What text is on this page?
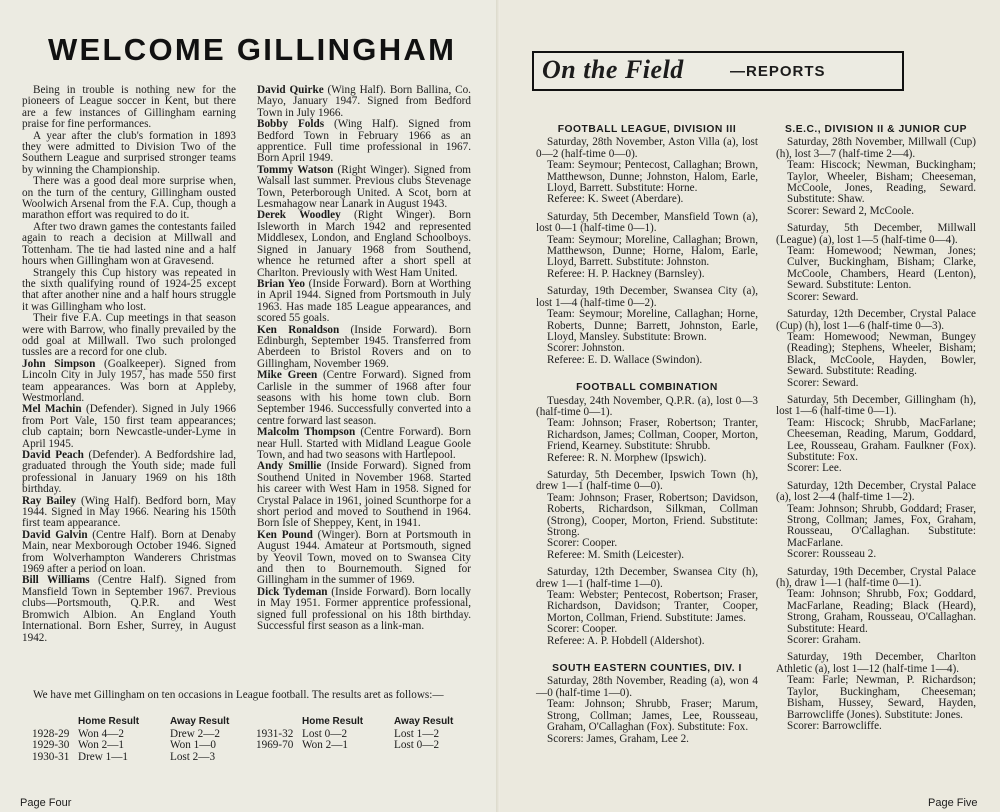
WELCOME GILLINGHAM

Being in trouble is nothing new for the pioneers of League soccer in Kent, but there are a few instances of Gillingham earning praise for fine performances.

A year after the club's formation in 1893 they were admitted to Division Two of the Southern League and surprised stronger teams by winning the Championship.

There was a good deal more surprise when, on the turn of the century, Gillingham ousted Woolwich Arsenal from the F.A. Cup, though a marathon effort was required to do it.

After two drawn games the contestants failed again to reach a decision at Millwall and Tottenham. The tie had lasted nine and a half hours when Gillingham won at Gravesend.

Strangely this Cup history was repeated in the sixth qualifying round of 1924-25 except that after another nine and a half hours struggle it was Gillingham who lost.

Their five F.A. Cup meetings in that season were with Barrow, who finally prevailed by the odd goal at Millwall. Two such prolonged tussles are a record for one club.

John Simpson (Goalkeeper). Signed from Lincoln City in July 1957, has made 550 first team appearances. Was born at Appleby, Westmorland.

Mel Machin (Defender). Signed in July 1966 from Port Vale, 150 first team appearances; club captain; born Newcastle-under-Lyme in April 1945.

David Peach (Defender). A Bedfordshire lad, graduated through the Youth side; made full professional in January 1969 on his 18th birthday.

Ray Bailey (Wing Half). Bedford born, May 1944. Signed in May 1966. Nearing his 150th first team appearance.

David Galvin (Centre Half). Born at Denaby Main, near Mexborough October 1946. Signed from Wolverhampton Wanderers Christmas 1969 after a period on loan.

Bill Williams (Centre Half). Signed from Mansfield Town in September 1967. Previous clubs—Portsmouth, Q.P.R. and West Bromwich Albion. An England Youth International. Born Esher, Surrey, in August 1942.

David Quirke (Wing Half). Born Ballina, Co. Mayo, January 1947. Signed from Bedford Town in July 1966.

Bobby Folds (Wing Half). Signed from Bedford Town in February 1966 as an apprentice. Full time professional in 1967. Born April 1949.

Tommy Watson (Right Winger). Signed from Walsall last summer. Previous clubs Stevenage Town, Peterborough United. A Scot, born at Lesmahagow near Lanark in August 1943.

Derek Woodley (Right Winger). Born Isleworth in March 1942 and represented Middlesex, London, and England Schoolboys. Signed in January 1968 from Southend, whence he returned after a short spell at Charlton. Previously with West Ham United.

Brian Yeo (Inside Forward). Born at Worthing in April 1944. Signed from Portsmouth in July 1963. Has made 185 League appearances, and scored 55 goals.

Ken Ronaldson (Inside Forward). Born Edinburgh, September 1945. Transferred from Aberdeen to Bristol Rovers and on to Gillingham, November 1969.

Mike Green (Centre Forward). Signed from Carlisle in the summer of 1968 after four seasons with his home town club. Born September 1946. Successfully converted into a centre forward last season.

Malcolm Thompson (Centre Forward). Born near Hull. Started with Midland League Goole Town, and had two seasons with Hartlepool.

Andy Smillie (Inside Forward). Signed from Southend United in November 1968. Started his career with West Ham in 1958. Signed for Crystal Palace in 1961, joined Scunthorpe for a short period and moved to Southend in 1964. Born Isle of Sheppey, Kent, in 1941.

Ken Pound (Winger). Born at Portsmouth in August 1944. Amateur at Portsmouth, signed by Yeovil Town, moved on to Swansea City and then to Bournemouth. Signed for Gillingham in the summer of 1969.

Dick Tydeman (Inside Forward). Born locally in May 1951. Former apprentice professional, signed full professional on his 18th birthday. Successful first season as a link-man.

We have met Gillingham on ten occasions in League football. The results aret as follows:—
	Home Result	Away Result
1928-29	Won 4—2	Drew 2—2
1929-30	Won 2—1	Won 1—0
1930-31	Drew 1—1	Lost 2—3
	Home Result	Away Result
1931-32	Lost 0—2	Lost 1—2
1969-70	Won 2—1	Lost 0—2
Page Four
On the Field	—REPORTS
FOOTBALL LEAGUE, DIVISION III

Saturday, 28th November, Aston Villa (a), lost 0—2 (half-time 0—0).

Team: Seymour; Pentecost, Callaghan; Brown, Matthewson, Dunne; Johnston, Halom, Earle, Lloyd, Barrett. Substitute: Horne.

Referee: K. Sweet (Aberdare).

Saturday, 5th December, Mansfield Town (a), lost 0—1 (half-time 0—1).

Team: Seymour; Moreline, Callaghan; Brown, Matthewson, Dunne; Horne, Halom, Earle, Lloyd, Barrett. Substitute: Johnston.

Referee: H. P. Hackney (Barnsley).

Saturday, 19th December, Swansea City (a), lost 1—4 (half-time 0—2).

Team: Seymour; Moreline, Callaghan; Horne, Roberts, Dunne; Barrett, Johnston, Earle, Lloyd, Mansley. Substitute: Brown.

Scorer: Johnston.

Referee: E. D. Wallace (Swindon).

FOOTBALL COMBINATION

Tuesday, 24th November, Q.P.R. (a), lost 0—3 (half-time 0—1).

Team: Johnson; Fraser, Robertson; Tranter, Richardson, James; Collman, Cooper, Morton, Friend, Kearney. Substitute: Shrubb.

Referee: R. N. Morphew (Ipswich).

Saturday, 5th December, Ipswich Town (h), drew 1—1 (half-time 0—0).

Team: Johnson; Fraser, Robertson; Davidson, Roberts, Richardson, Silkman, Collman (Strong), Cooper, Morton, Friend. Substitute: Strong.

Scorer: Cooper.

Referee: M. Smith (Leicester).

Saturday, 12th December, Swansea City (h), drew 1—1 (half-time 1—0).

Team: Webster; Pentecost, Robertson; Fraser, Richardson, Davidson; Tranter, Cooper, Morton, Collman, Friend. Substitute: James.

Scorer: Cooper.

Referee: A. P. Hobdell (Aldershot).

SOUTH EASTERN COUNTIES, DIV. I

Saturday, 28th November, Reading (a), won 4—0 (half-time 1—0).

Team: Johnson; Shrubb, Fraser; Marum, Strong, Collman; James, Lee, Rousseau, Graham, O'Callaghan (Fox). Substitute: Fox.

Scorers: James, Graham, Lee 2.

S.E.C., DIVISION II & JUNIOR CUP

Saturday, 28th November, Millwall (Cup) (h), lost 3—7 (half-time 2—4).

Team: Hiscock; Newman, Buckingham; Taylor, Wheeler, Bisham; Cheeseman, McCoole, Jones, Reading, Seward. Substitute: Shaw.

Scorer: Seward 2, McCoole.

Saturday, 5th December, Millwall (League) (a), lost 1—5 (half-time 0—4).

Team: Homewood; Newman, Jones; Culver, Buckingham, Bisham; Clarke, McCoole, Chambers, Heard (Lenton), Seward. Substitute: Lenton.

Scorer: Seward.

Saturday, 12th December, Crystal Palace (Cup) (h), lost 1—6 (half-time 0—3).

Team: Homewood; Newman, Bungey (Reading); Stephens, Wheeler, Bisham; Black, McCoole, Hayden, Bowler, Seward. Substitute: Reading.

Scorer: Seward.

Saturday, 5th December, Gillingham (h), lost 1—6 (half-time 0—1).

Team: Hiscock; Shrubb, MacFarlane; Cheeseman, Reading, Marum, Goddard, Lee, Rousseau, Graham. Faulkner (Fox). Substitute: Fox.

Scorer: Lee.

Saturday, 12th December, Crystal Palace (a), lost 2—4 (half-time 1—2).

Team: Johnson; Shrubb, Goddard; Fraser, Strong, Collman; James, Fox, Graham, Rousseau, O'Callaghan. Substitute: MacFarlane.

Scorer: Rousseau 2.

Saturday, 19th December, Crystal Palace (h), draw 1—1 (half-time 0—1).

Team: Johnson; Shrubb, Fox; Goddard, MacFarlane, Reading; Black (Heard), Strong, Graham, Rousseau, O'Callaghan. Substitute: Heard.

Scorer: Graham.

Saturday, 19th December, Charlton Athletic (a), lost 1—12 (half-time 1—4).

Team: Farle; Newman, P. Richardson; Taylor, Buckingham, Cheeseman; Bisham, Hussey, Seward, Hayden, Barrowcliffe (Jones). Substitute: Jones.

Scorer: Barrowcliffe.

Page Five
